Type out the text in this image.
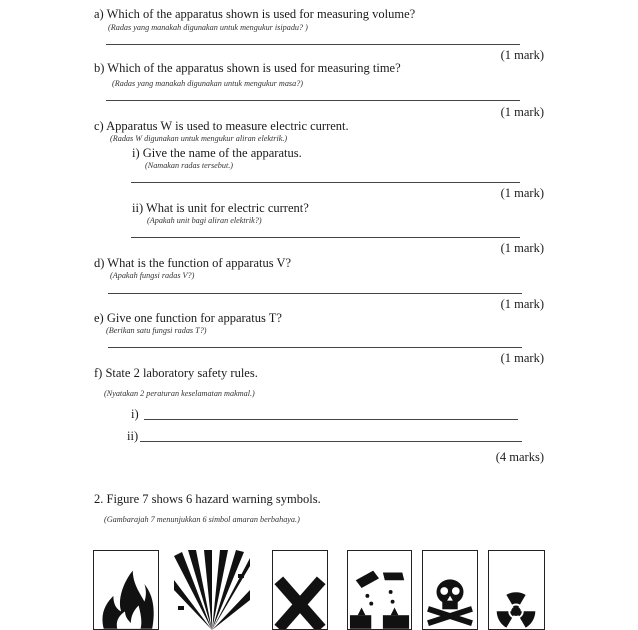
a) Which of the apparatus shown is used for measuring volume?
(Radas yang manakah digunakan untuk mengukur isipadu? )
(1 mark)
b) Which of the apparatus shown is used for measuring time?
(Radas yang manakah digunakan untuk mengukur masa?)
(1 mark)
c) Apparatus W is used to measure electric current.
(Radas W digunakan untuk mengukur aliran elektrik.)
i) Give the name of the apparatus.
(Namakan radas tersebut.)
(1 mark)
ii) What is unit for electric current?
(Apakah unit bagi aliran elektrik?)
(1 mark)
d) What is the function of apparatus V?
(Apakah fungsi radas V?)
(1 mark)
e) Give one function for apparatus T?
(Berikan satu fungsi radas T?)
(1 mark)
f) State 2 laboratory safety rules.
(Nyatakan 2 peraturan keselamatan makmal.)
i)
ii)
(4 marks)
2. Figure 7 shows 6 hazard warning symbols.
(Gambarajah 7 menunjukkan 6 simbol amaran berbahaya.)
